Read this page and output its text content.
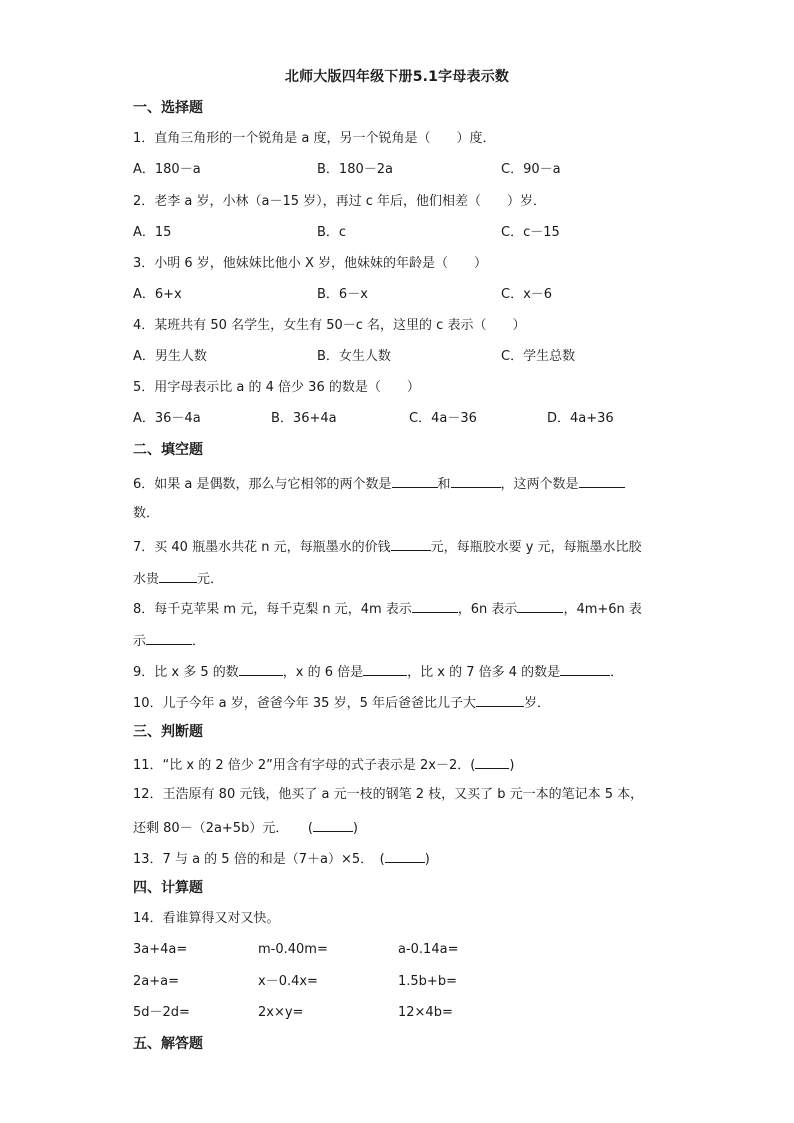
北师大版四年级下册5.1字母表示数
一、选择题
1．直角三角形的一个锐角是 a 度，另一个锐角是（　　）度．
A．180－a	B．180－2a	C．90－a
2．老李 a 岁，小林（a－15 岁），再过 c 年后，他们相差（　　）岁．
A．15	B．c	C．c－15
3．小明 6 岁，他妹妹比他小 X 岁，他妹妹的年龄是（　　）
A．6+x	B．6－x	C．x－6
4．某班共有 50 名学生，女生有 50－c 名，这里的 c 表示（　　）
A．男生人数	B．女生人数	C．学生总数
5．用字母表示比 a 的 4 倍少 36 的数是（　　）
A．36－4a	B．36+4a	C．4a－36	D．4a+36
二、填空题
6．如果 a 是偶数，那么与它相邻的两个数是	和	，这两个数是
数．
7．买 40 瓶墨水共花 n 元，每瓶墨水的价钱	元，每瓶胶水要 y 元，每瓶墨水比胶
水贵	元．
8．每千克苹果 m 元，每千克梨 n 元，4m 表示	，6n 表示	，4m+6n 表
示	．
9．比 x 多 5 的数	，x 的 6 倍是	，比 x 的 7 倍多 4 的数是	．
10．儿子今年 a 岁，爸爸今年 35 岁，5 年后爸爸比儿子大	岁．
三、判断题
11．“比 x 的 2 倍少 2”用含有字母的式子表示是 2x－2．(	)
12．王浩原有 80 元钱，他买了 a 元一枝的钢笔 2 枝，又买了 b 元一本的笔记本 5 本，
还剩 80－（2a+5b）元．　　(	)
13．7 与 a 的 5 倍的和是（7＋a）×5．　(	)
四、计算题
14．看谁算得又对又快。
3a+4a=	m-0.40m=	a-0.14a=
2a+a=	x－0.4x=	1.5b+b=
5d－2d=	2x×y=	12×4b=
五、解答题
